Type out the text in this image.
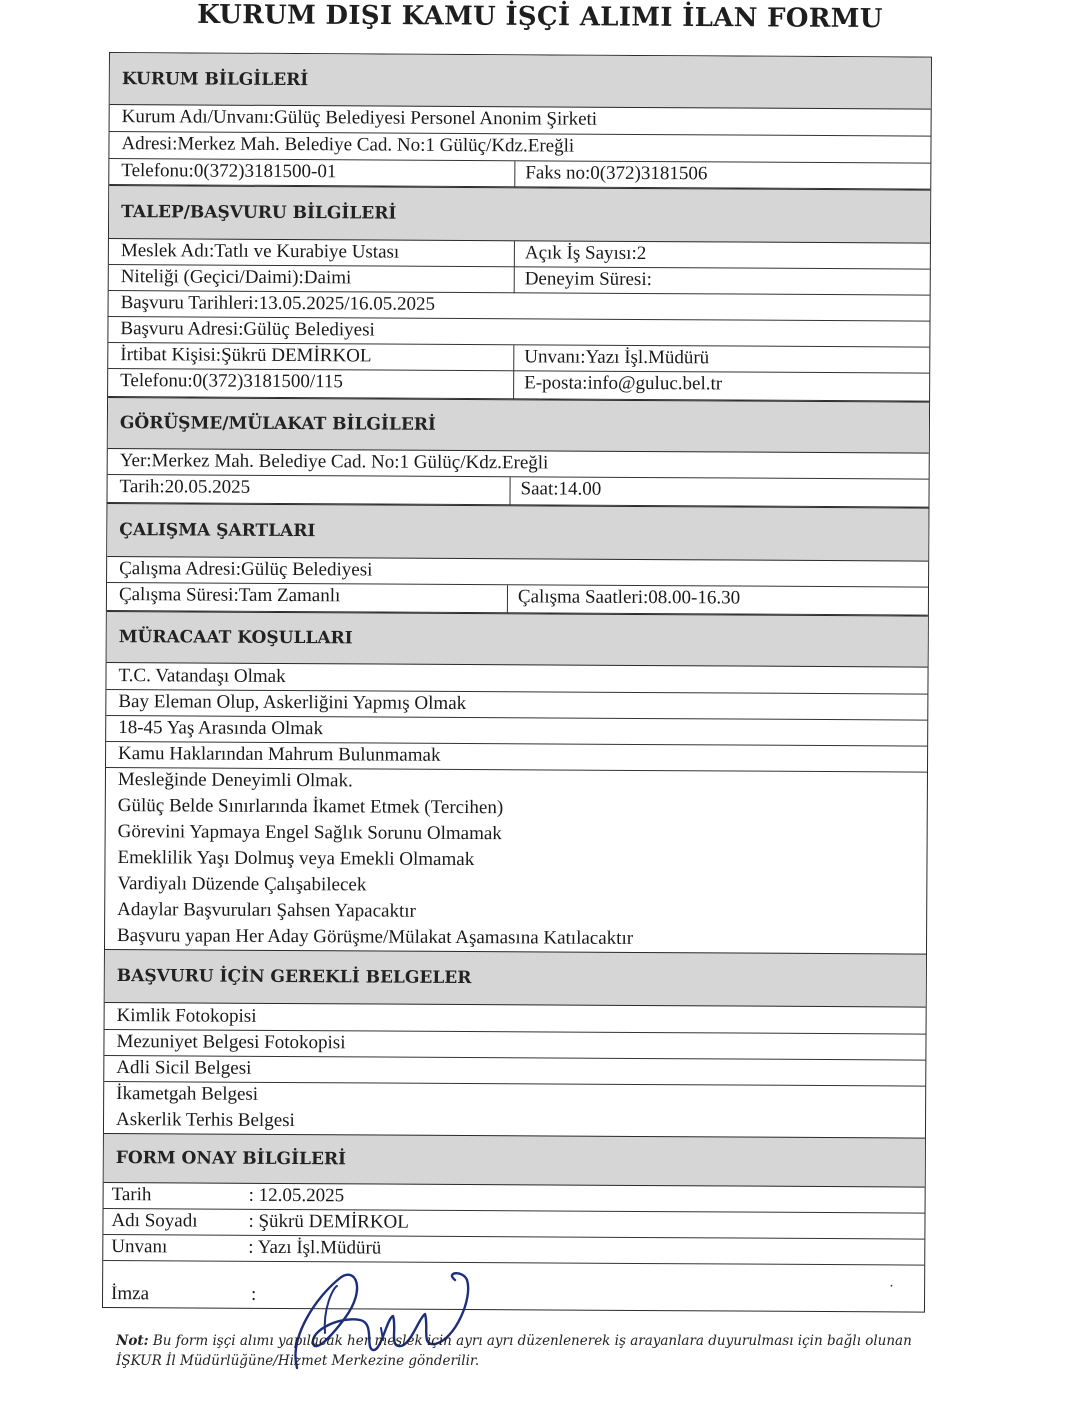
KURUM DIŞI KAMU İŞÇİ ALIMI İLAN FORMU
KURUM BİLGİLERİ
Kurum Adı/Unvanı:Gülüç Belediyesi Personel Anonim Şirketi
Adresi:Merkez Mah. Belediye Cad. No:1 Gülüç/Kdz.Ereğli
Telefonu:0(372)3181500-01	Faks no:0(372)3181506
TALEP/BAŞVURU BİLGİLERİ
Meslek Adı:Tatlı ve Kurabiye Ustası	Açık İş Sayısı:2
Niteliği (Geçici/Daimi):Daimi	Deneyim Süresi:
Başvuru Tarihleri:13.05.2025/16.05.2025
Başvuru Adresi:Gülüç Belediyesi
İrtibat Kişisi:Şükrü DEMİRKOL	Unvanı:Yazı İşl.Müdürü
Telefonu:0(372)3181500/115	E-posta:info@guluc.bel.tr
GÖRÜŞME/MÜLAKAT BİLGİLERİ
Yer:Merkez Mah. Belediye Cad. No:1 Gülüç/Kdz.Ereğli
Tarih:20.05.2025	Saat:14.00
ÇALIŞMA ŞARTLARI
Çalışma Adresi:Gülüç Belediyesi
Çalışma Süresi:Tam Zamanlı	Çalışma Saatleri:08.00-16.30
MÜRACAAT KOŞULLARI
T.C. Vatandaşı Olmak
Bay Eleman Olup, Askerliğini Yapmış Olmak
18-45 Yaş Arasında Olmak
Kamu Haklarından Mahrum Bulunmamak
Mesleğinde Deneyimli Olmak.
Gülüç Belde Sınırlarında İkamet Etmek (Tercihen)
Görevini Yapmaya Engel Sağlık Sorunu Olmamak
Emeklilik Yaşı Dolmuş veya Emekli Olmamak
Vardiyalı Düzende Çalışabilecek
Adaylar Başvuruları Şahsen Yapacaktır
Başvuru yapan Her Aday Görüşme/Mülakat Aşamasına Katılacaktır
BAŞVURU İÇİN GEREKLİ BELGELER
Kimlik Fotokopisi
Mezuniyet Belgesi Fotokopisi
Adli Sicil Belgesi
İkametgah Belgesi
Askerlik Terhis Belgesi
FORM ONAY BİLGİLERİ
Tarih	: 12.05.2025
Adı Soyadı	: Şükrü DEMİRKOL
Unvanı	: Yazı İşl.Müdürü
İmza	:	·
Not: Bu form işçi alımı yapılacak her meslek için ayrı ayrı düzenlenerek iş arayanlara duyurulması için bağlı olunan İŞKUR İl Müdürlüğüne/Hizmet Merkezine gönderilir.
